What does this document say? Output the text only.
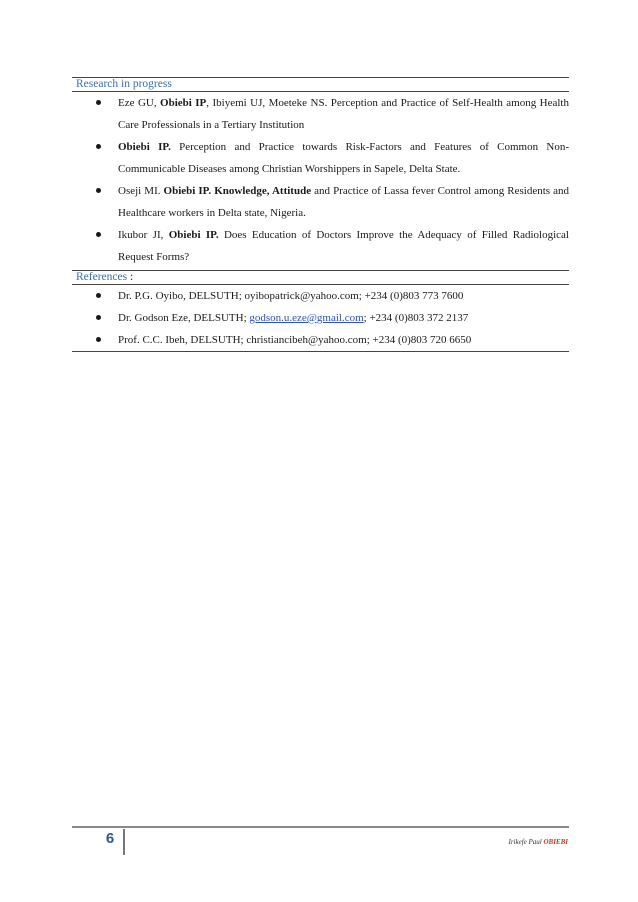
Research in progress
Eze GU, Obiebi IP, Ibiyemi UJ, Moeteke NS. Perception and Practice of Self-Health among Health Care Professionals in a Tertiary Institution
Obiebi IP. Perception and Practice towards Risk-Factors and Features of Common Non-Communicable Diseases among Christian Worshippers in Sapele, Delta State.
Oseji MI. Obiebi IP. Knowledge, Attitude and Practice of Lassa fever Control among Residents and Healthcare workers in Delta state, Nigeria.
Ikubor JI, Obiebi IP. Does Education of Doctors Improve the Adequacy of Filled Radiological Request Forms?
References :
Dr. P.G. Oyibo, DELSUTH; oyibopatrick@yahoo.com; +234 (0)803 773 7600
Dr. Godson Eze, DELSUTH; godson.u.eze@gmail.com; +234 (0)803 372 2137
Prof. C.C. Ibeh, DELSUTH; christiancibeh@yahoo.com; +234 (0)803 720 6650
6	Irikefe Paul OBIEBI
